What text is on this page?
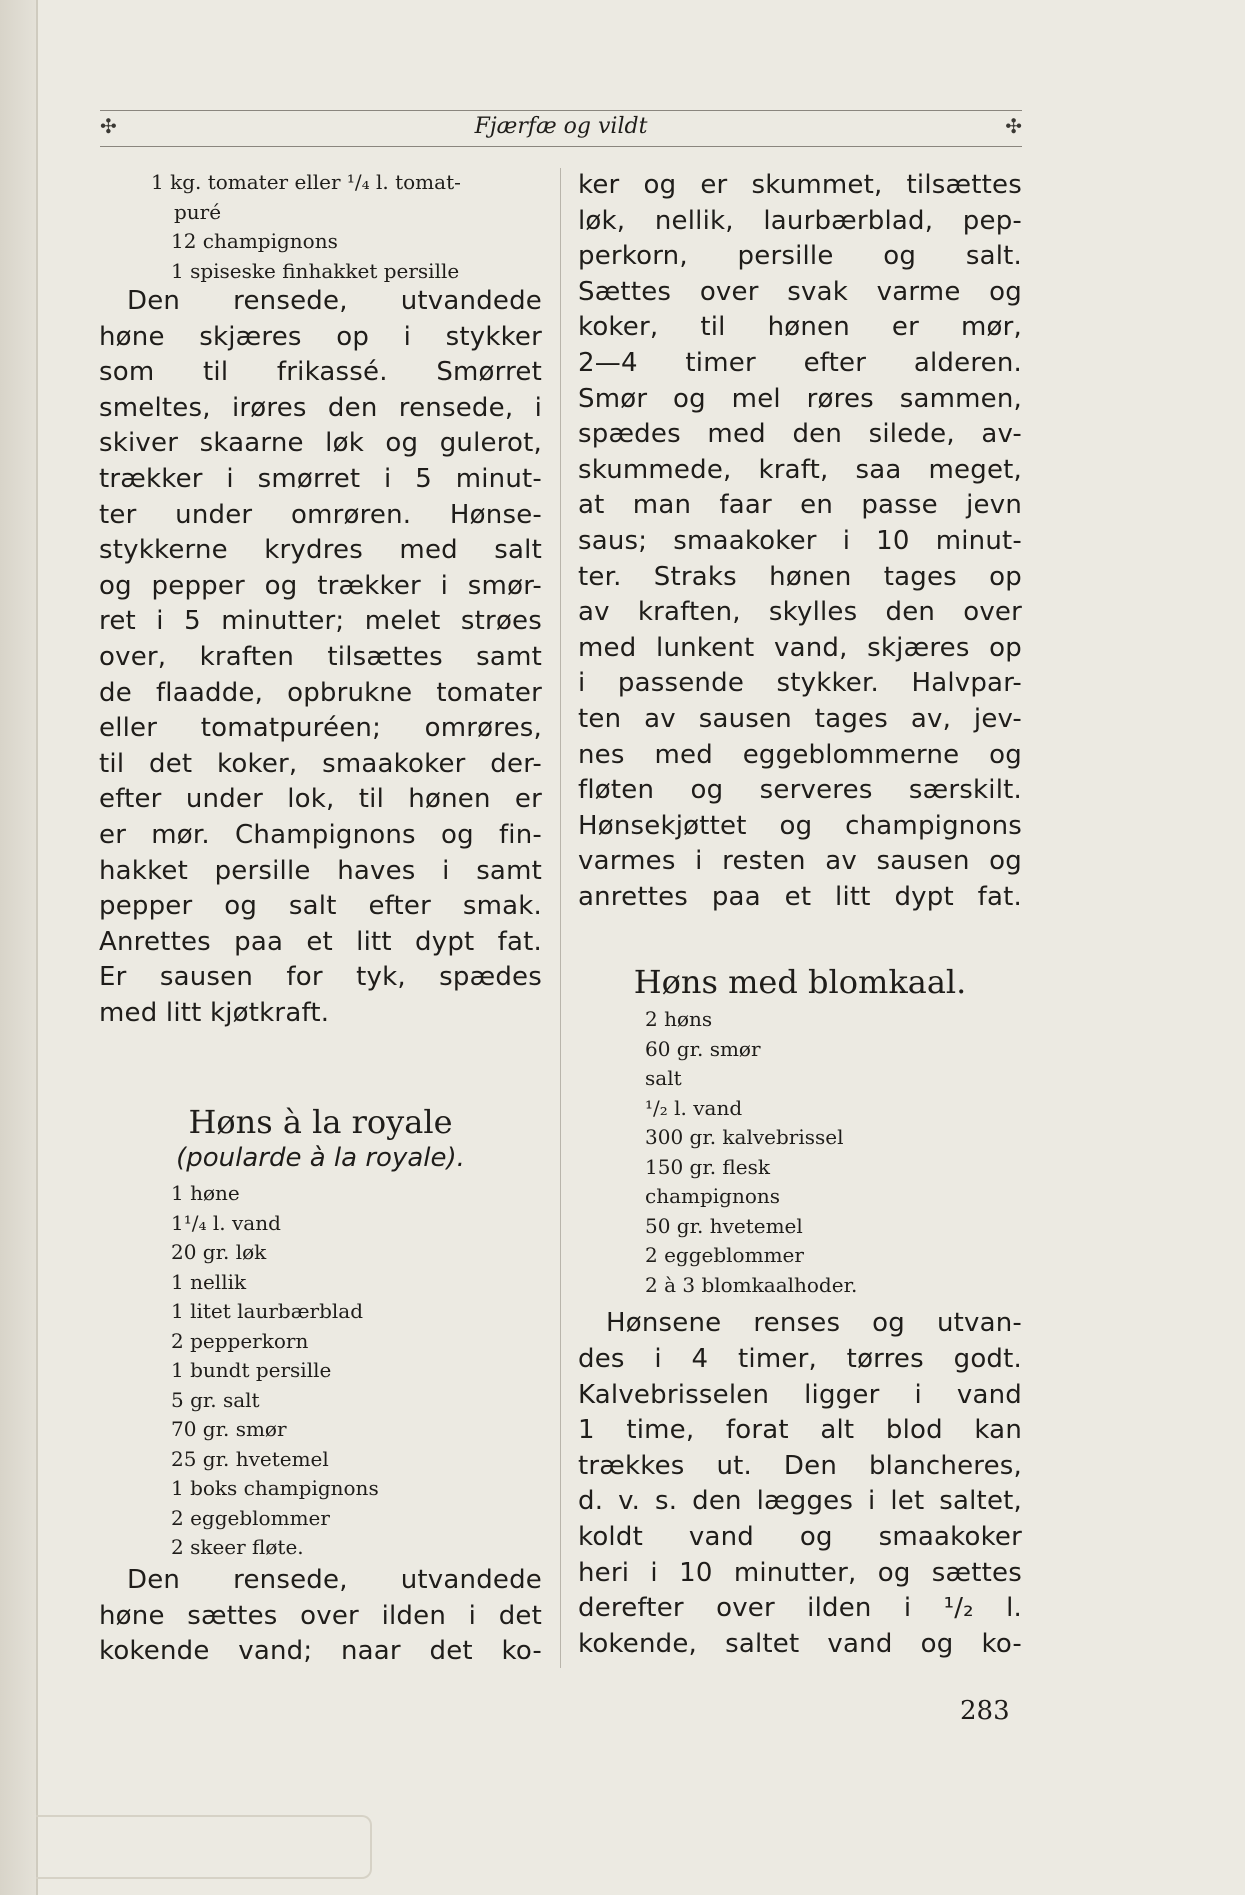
✣	Fjærfæ og vildt	✣

1 kg. tomater eller ¹/₄ l. tomat-

puré

12 champignons

1 spiseske finhakket persille

Den rensede, utvandede
høne skjæres op i stykker
som til frikassé. Smørret
smeltes, irøres den rensede, i
skiver skaarne løk og gulerot,
trækker i smørret i 5 minut-
ter under omrøren. Hønse-
stykkerne krydres med salt
og pepper og trækker i smør-
ret i 5 minutter; melet strøes
over, kraften tilsættes samt
de flaadde, opbrukne tomater
eller tomatpuréen; omrøres,
til det koker, smaakoker der-
efter under lok, til hønen er
er mør. Champignons og fin-
hakket persille haves i samt
pepper og salt efter smak.
Anrettes paa et litt dypt fat.
Er sausen for tyk, spædes
med litt kjøtkraft.
Høns à la royale
(poularde à la royale).

1 høne

1¹/₄ l. vand

20 gr. løk

1 nellik

1 litet laurbærblad

2 pepperkorn

1 bundt persille

5 gr. salt

70 gr. smør

25 gr. hvetemel

1 boks champignons

2 eggeblommer

2 skeer fløte.

Den rensede, utvandede
høne sættes over ilden i det
kokende vand; naar det ko-
ker og er skummet, tilsættes
løk, nellik, laurbærblad, pep-
perkorn, persille og salt.
Sættes over svak varme og
koker, til hønen er mør,
2—4 timer efter alderen.
Smør og mel røres sammen,
spædes med den silede, av-
skummede, kraft, saa meget,
at man faar en passe jevn
saus; smaakoker i 10 minut-
ter. Straks hønen tages op
av kraften, skylles den over
med lunkent vand, skjæres op
i passende stykker. Halvpar-
ten av sausen tages av, jev-
nes med eggeblommerne og
fløten og serveres særskilt.
Hønsekjøttet og champignons
varmes i resten av sausen og
anrettes paa et litt dypt fat.
Høns med blomkaal.

2 høns

60 gr. smør

salt

¹/₂ l. vand

300 gr. kalvebrissel

150 gr. flesk

champignons

50 gr. hvetemel

2 eggeblommer

2 à 3 blomkaalhoder.

Hønsene renses og utvan-
des i 4 timer, tørres godt.
Kalvebrisselen ligger i vand
1 time, forat alt blod kan
trækkes ut. Den blancheres,
d. v. s. den lægges i let saltet,
koldt vand og smaakoker
heri i 10 minutter, og sættes
derefter over ilden i ¹/₂ l.
kokende, saltet vand og ko-
283
